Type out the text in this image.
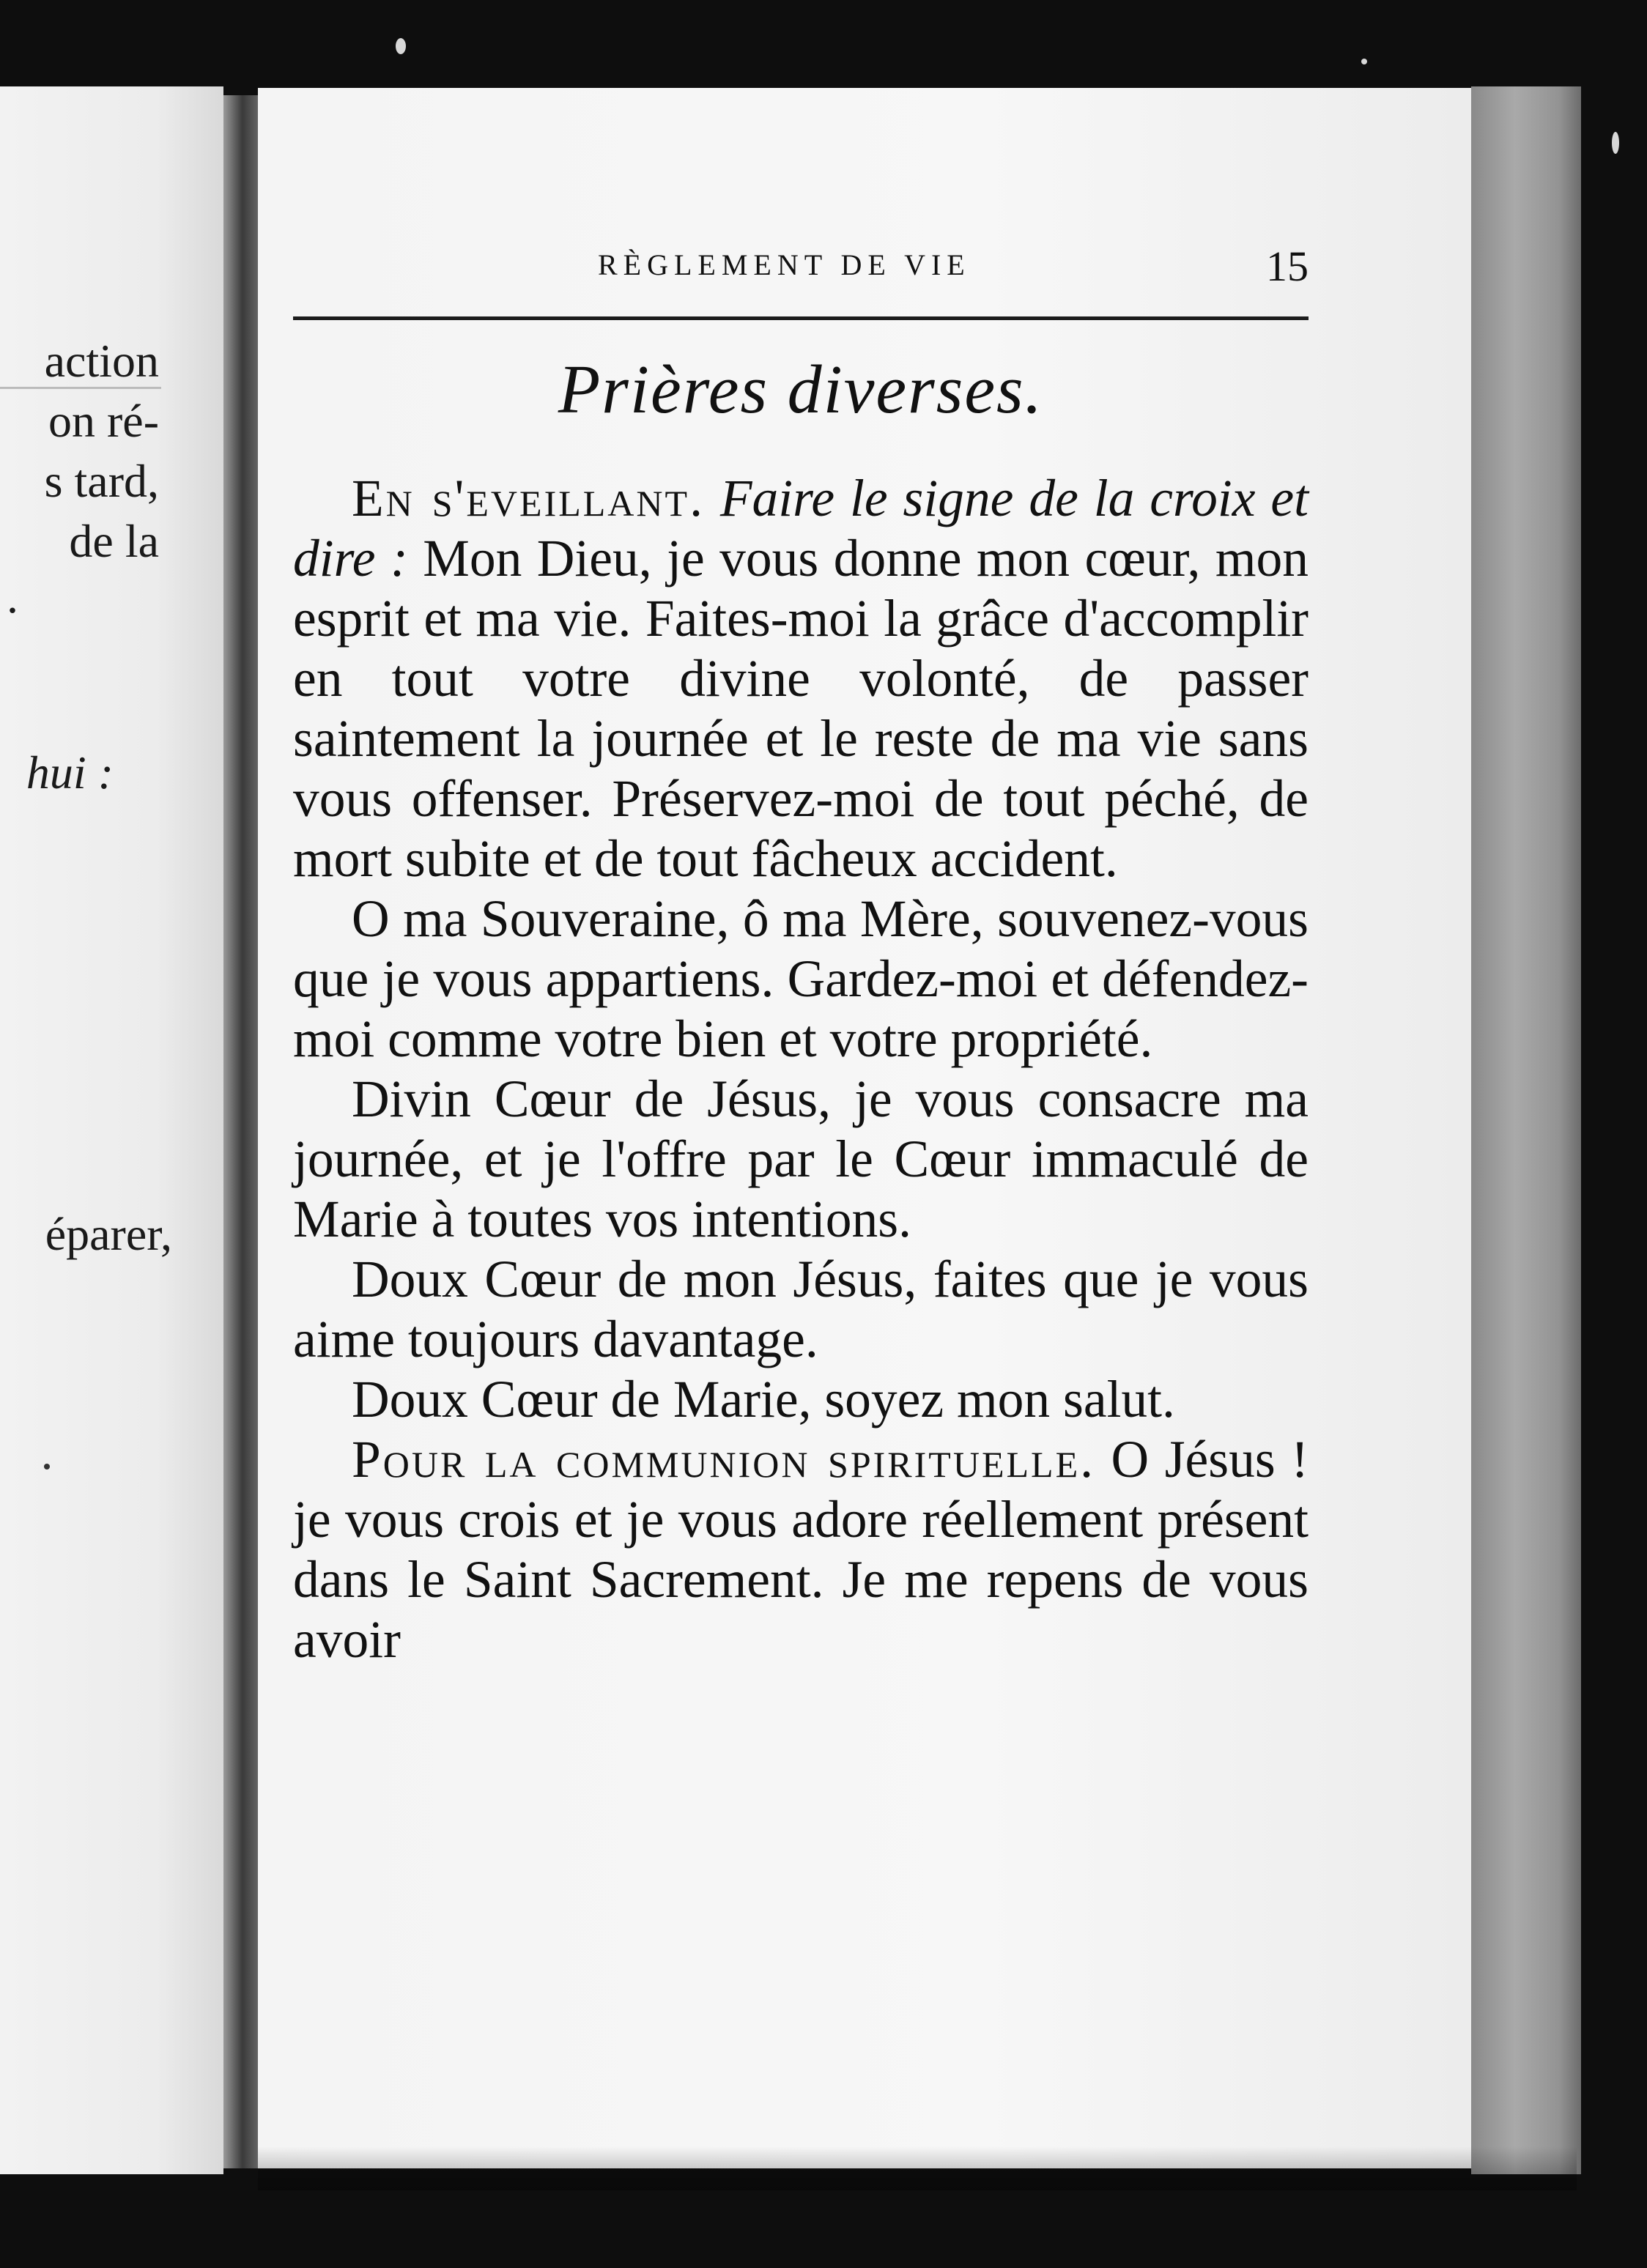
action
on ré-
s tard,
de la
.
hui :
éparer,
RÈGLEMENT DE VIE	15
Prières diverses.

En s'eveillant. Faire le signe de la croix et dire : Mon Dieu, je vous donne mon cœur, mon esprit et ma vie. Faites-moi la grâce d'accomplir en tout votre divine volonté, de passer saintement la journée et le reste de ma vie sans vous offenser. Préservez-moi de tout péché, de mort subite et de tout fâcheux accident.

O ma Souveraine, ô ma Mère, souvenez-vous que je vous appartiens. Gardez-moi et défendez-moi comme votre bien et votre propriété.

Divin Cœur de Jésus, je vous consacre ma journée, et je l'offre par le Cœur immaculé de Marie à toutes vos intentions.

Doux Cœur de mon Jésus, faites que je vous aime toujours davantage.

Doux Cœur de Marie, soyez mon salut.

Pour la communion spirituelle. O Jésus ! je vous crois et je vous adore réellement présent dans le Saint Sacrement. Je me repens de vous avoir
